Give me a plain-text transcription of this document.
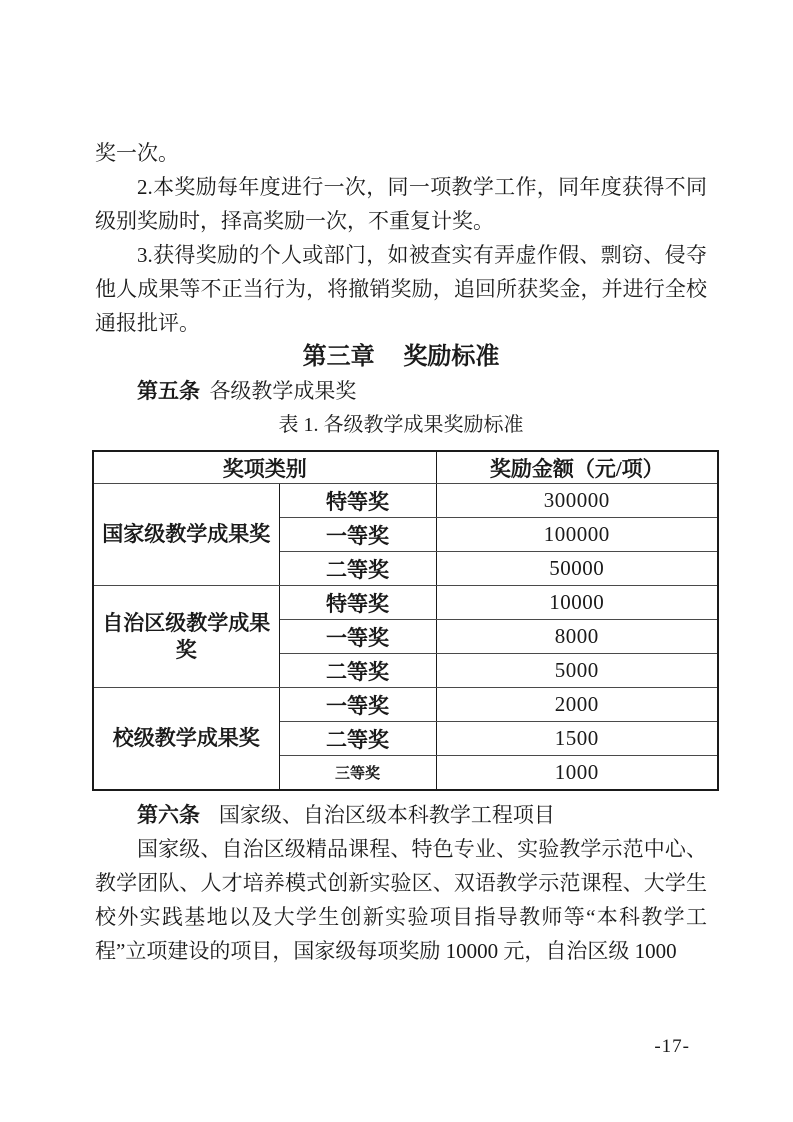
奖一次。

2.本奖励每年度进行一次，同一项教学工作，同年度获得不同级别奖励时，择高奖励一次，不重复计奖。

3.获得奖励的个人或部门，如被查实有弄虚作假、剽窃、侵夺他人成果等不正当行为，将撤销奖励，追回所获奖金，并进行全校通报批评。

第三章 奖励标准

第五条 各级教学成果奖

表 1. 各级教学成果奖励标准

奖项类别		奖励金额（元/项）
国家级教学成果奖	特等奖	300000
	一等奖	100000
	二等奖	50000
自治区级教学成果奖	特等奖	10000
	一等奖	8000
	二等奖	5000
校级教学成果奖	一等奖	2000
	二等奖	1500
	三等奖	1000

第六条 国家级、自治区级本科教学工程项目

国家级、自治区级精品课程、特色专业、实验教学示范中心、教学团队、人才培养模式创新实验区、双语教学示范课程、大学生校外实践基地以及大学生创新实验项目指导教师等“本科教学工程”立项建设的项目，国家级每项奖励 10000 元，自治区级 1000

-17-
